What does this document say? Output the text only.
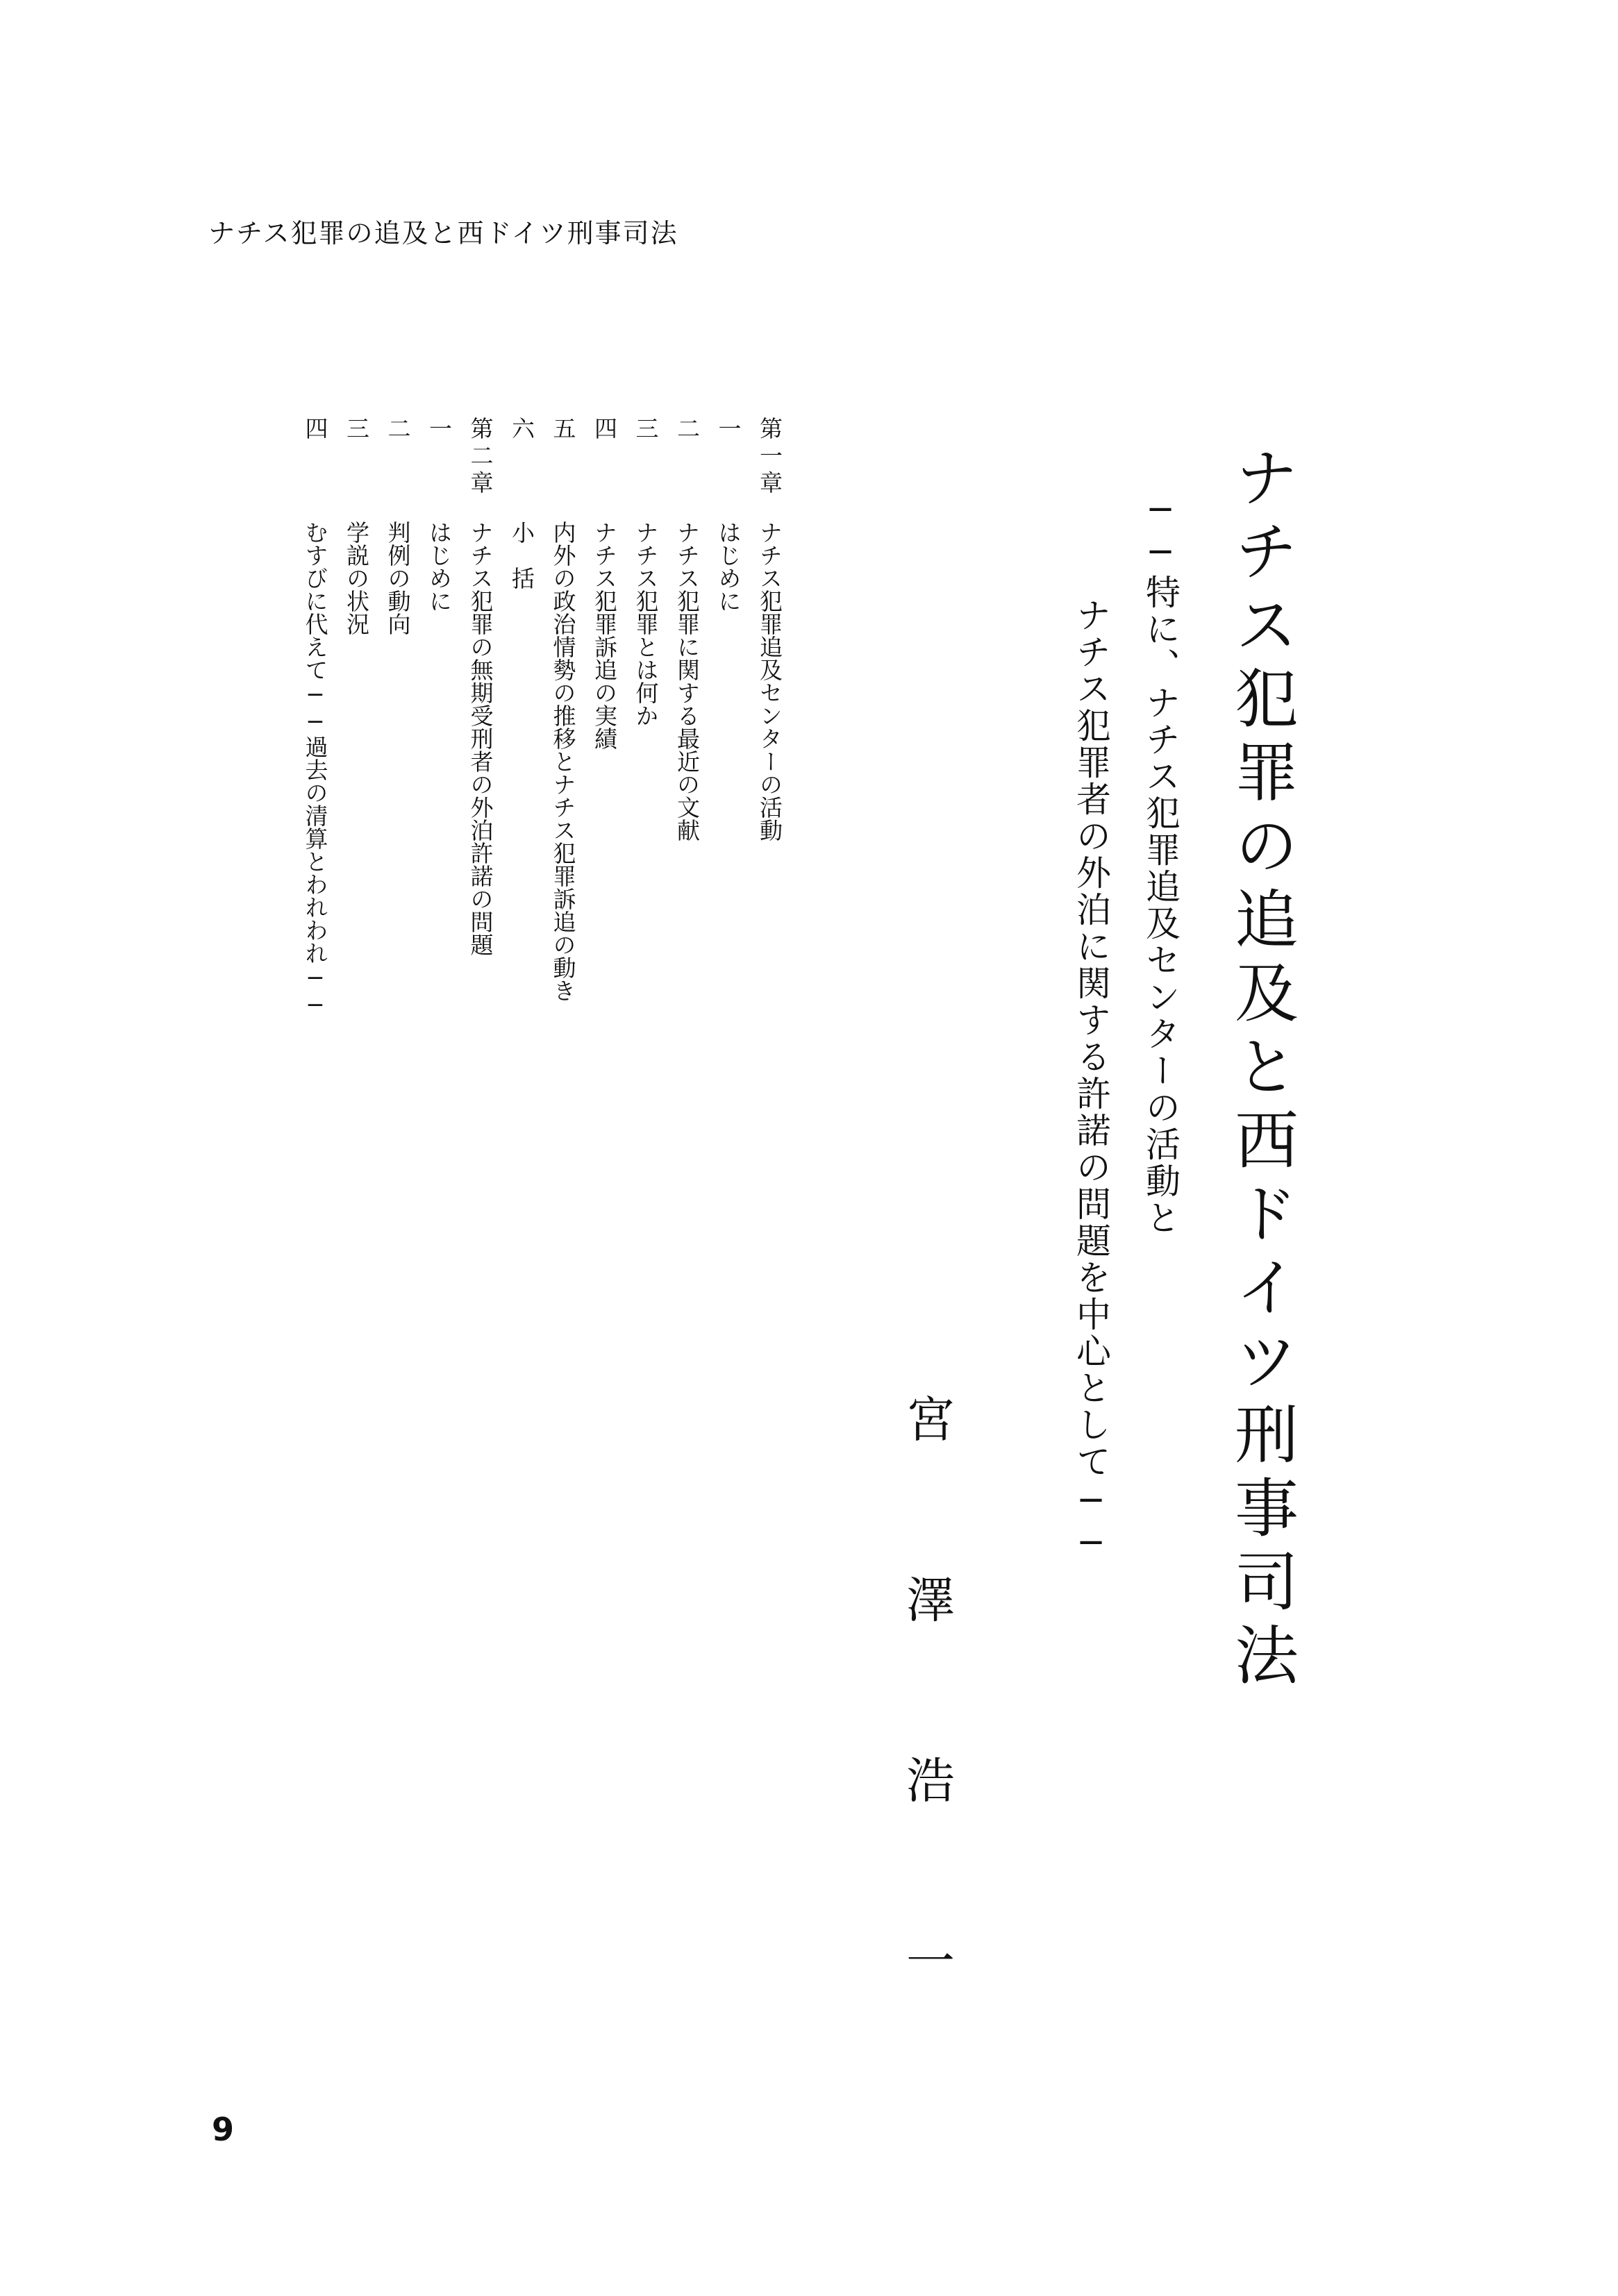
ナチス犯罪の追及と西ドイツ刑事司法
ナチス犯罪の追及と西ドイツ刑事司法
──特に、ナチス犯罪追及センターの活動と
ナチス犯罪者の外泊に関する許諾の問題を中心として──
宮
澤
浩
一
第一章ナチス犯罪追及センターの活動
一はじめに
二ナチス犯罪に関する最近の文献
三ナチス犯罪とは何か
四ナチス犯罪訴追の実績
五内外の政治情勢の推移とナチス犯罪訴追の動き
六小　括
第二章ナチス犯罪の無期受刑者の外泊許諾の問題
一はじめに
二判例の動向
三学説の状況
四むすびに代えて──過去の清算とわれわれ──
9
